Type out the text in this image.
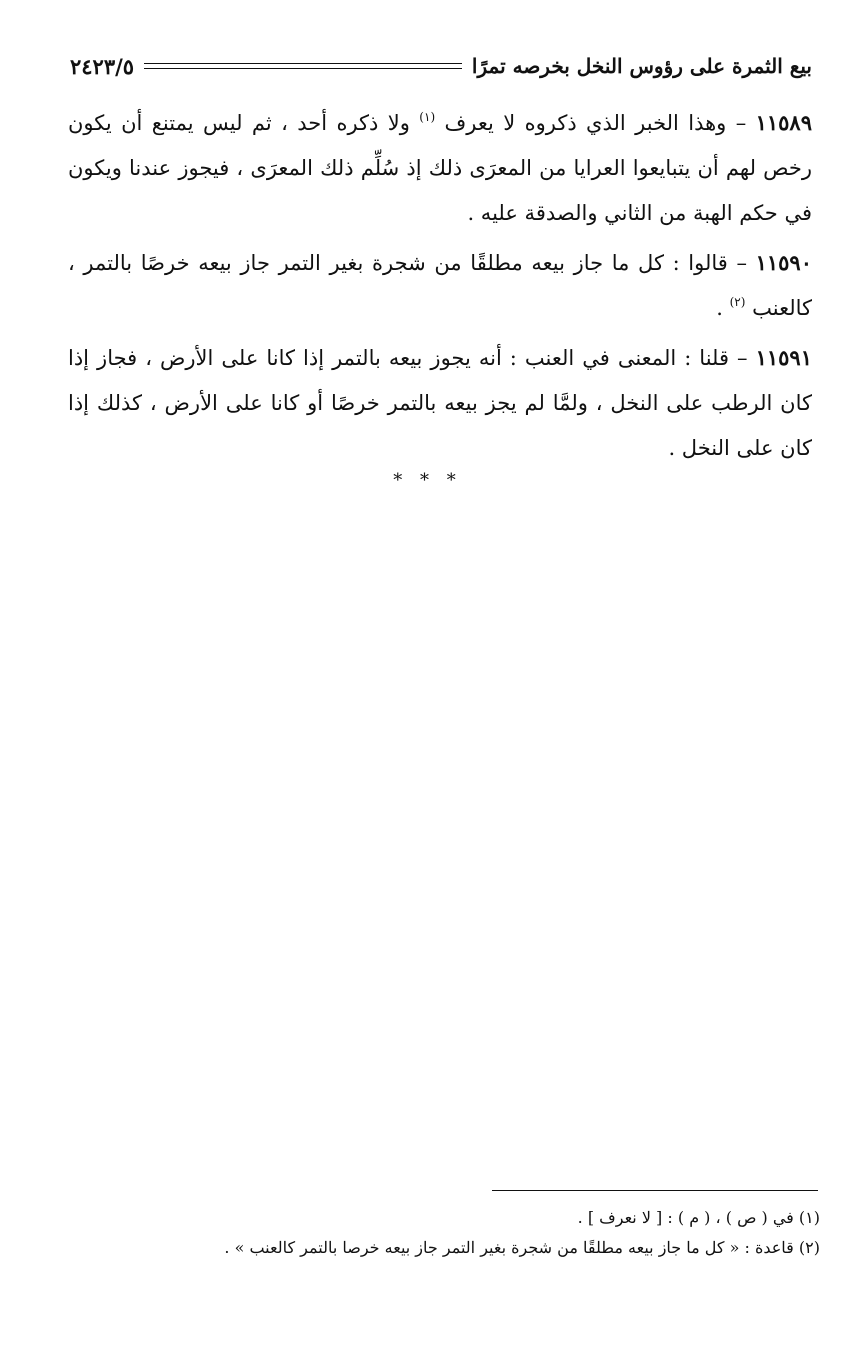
بيع الثمرة على رؤوس النخل بخرصه تمرًا
٢٤٢٣/٥

١١٥٨٩ – وهذا الخبر الذي ذكروه لا يعرف $^{(١)}$ ولا ذكره أحد ، ثم ليس يمتنع أن يكون رخص لهم أن يتبايعوا العرايا من المعرَى ذلك إذ سُلِّم ذلك المعرَى ، فيجوز عندنا ويكون في حكم الهبة من الثاني والصدقة عليه .

١١٥٩٠ – قالوا : كل ما جاز بيعه مطلقًا من شجرة بغير التمر جاز بيعه خرصًا بالتمر ، كالعنب $^{(٢)}$ .

١١٥٩١ – قلنا : المعنى في العنب : أنه يجوز بيعه بالتمر إذا كانا على الأرض ، فجاز إذا كان الرطب على النخل ، ولمَّا لم يجز بيعه بالتمر خرصًا أو كانا على الأرض ، كذلك إذا كان على النخل .

* * *

(١) في ( ص ) ، ( م ) : [ لا نعرف ] .

(٢) قاعدة : « كل ما جاز بيعه مطلقًا من شجرة بغير التمر جاز بيعه خرصا بالتمر كالعنب » .
